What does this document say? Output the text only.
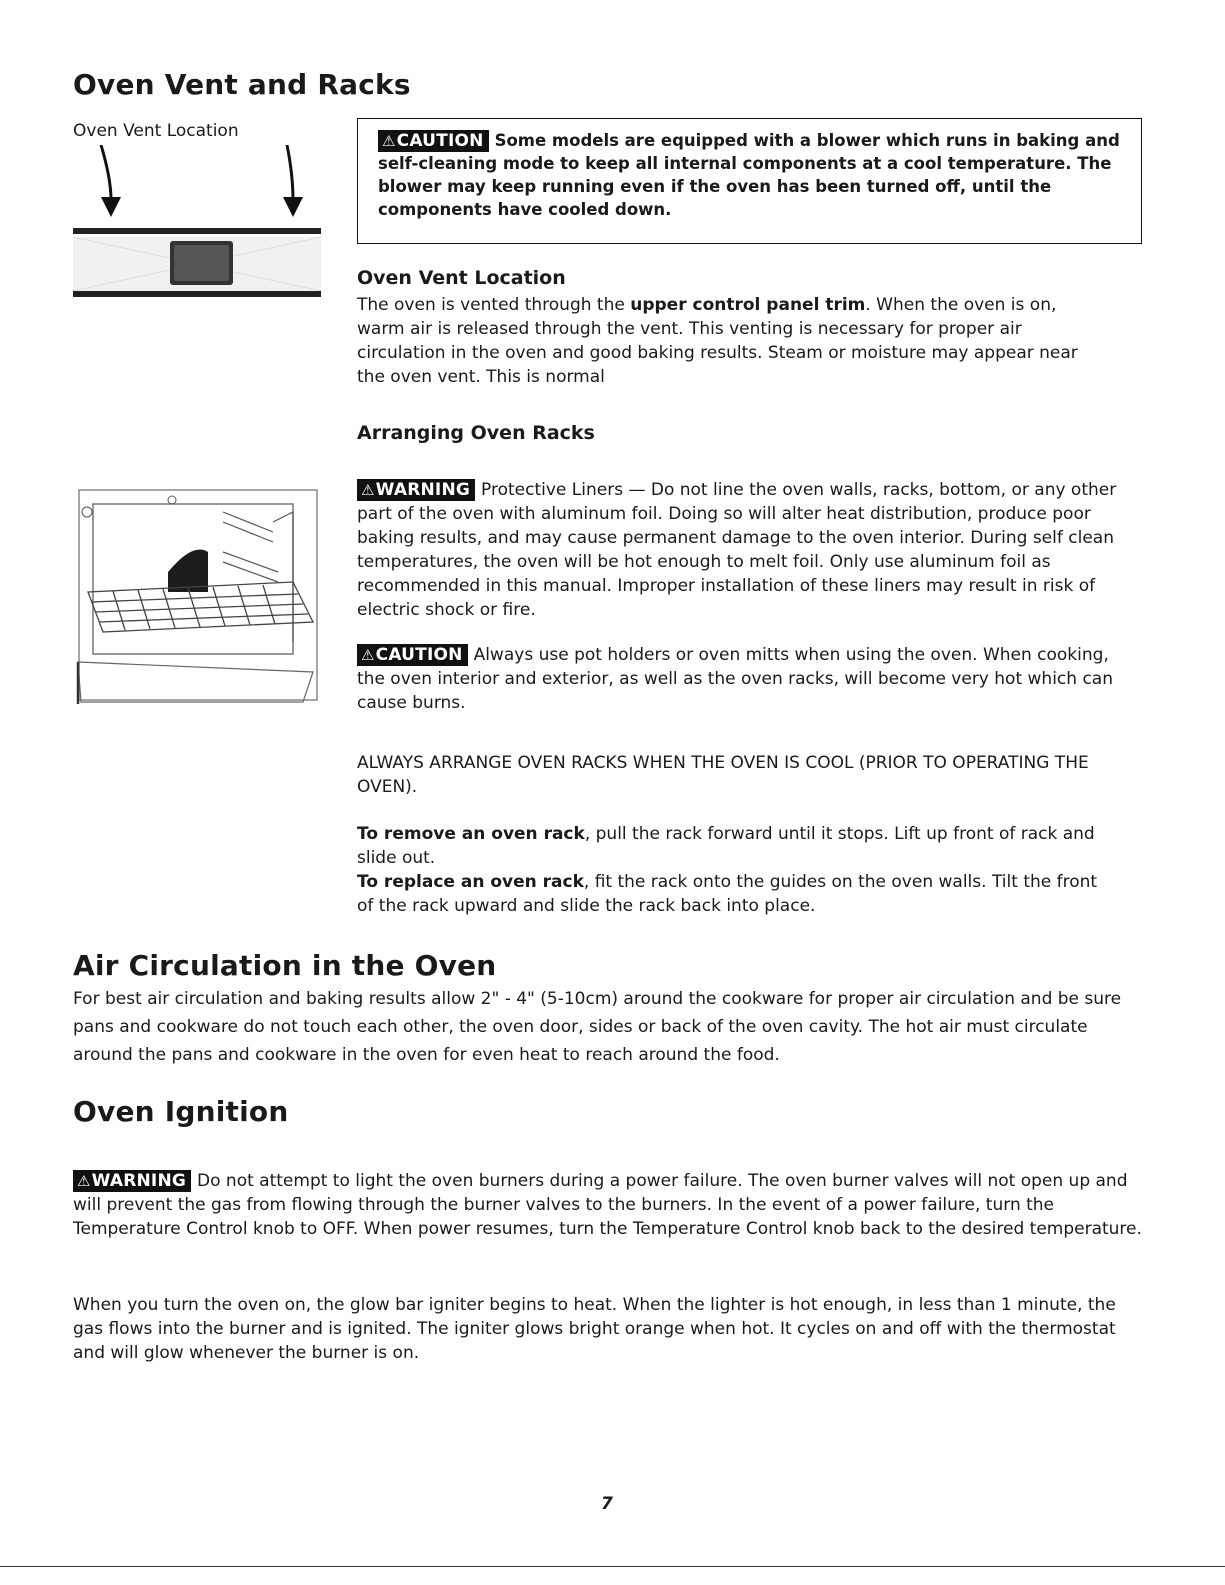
Oven Vent and Racks
Oven Vent Location	⚠CAUTION Some models are equipped with a blower which runs in baking and self-cleaning mode to keep all internal components at a cool temperature. The blower may keep running even if the oven has been turned off, until the components have cooled down.
Oven Vent Location
The oven is vented through the upper control panel trim. When the oven is on, warm air is released through the vent. This venting is necessary for proper air circulation in the oven and good baking results. Steam or moisture may appear near the oven vent. This is normal
Arranging Oven Racks
⚠WARNING Protective Liners — Do not line the oven walls, racks, bottom, or any other part of the oven with aluminum foil. Doing so will alter heat distribution, produce poor baking results, and may cause permanent damage to the oven interior. During self clean temperatures, the oven will be hot enough to melt foil. Only use aluminum foil as recommended in this manual. Improper installation of these liners may result in risk of electric shock or fire.
⚠CAUTION Always use pot holders or oven mitts when using the oven. When cooking, the oven interior and exterior, as well as the oven racks, will become very hot which can cause burns.
ALWAYS ARRANGE OVEN RACKS WHEN THE OVEN IS COOL (PRIOR TO OPERATING THE OVEN).
To remove an oven rack, pull the rack forward until it stops. Lift up front of rack and slide out.
To replace an oven rack, fit the rack onto the guides on the oven walls. Tilt the front of the rack upward and slide the rack back into place.
Air Circulation in the Oven
For best air circulation and baking results allow 2" - 4" (5-10cm) around the cookware for proper air circulation and be sure pans and cookware do not touch each other, the oven door, sides or back of the oven cavity. The hot air must circulate around the pans and cookware in the oven for even heat to reach around the food.
Oven Ignition
⚠WARNING Do not attempt to light the oven burners during a power failure. The oven burner valves will not open up and will prevent the gas from flowing through the burner valves to the burners. In the event of a power failure, turn the Temperature Control knob to OFF. When power resumes, turn the Temperature Control knob back to the desired temperature.
When you turn the oven on, the glow bar igniter begins to heat. When the lighter is hot enough, in less than 1 minute, the gas flows into the burner and is ignited. The igniter glows bright orange when hot. It cycles on and off with the thermostat and will glow whenever the burner is on.
7
